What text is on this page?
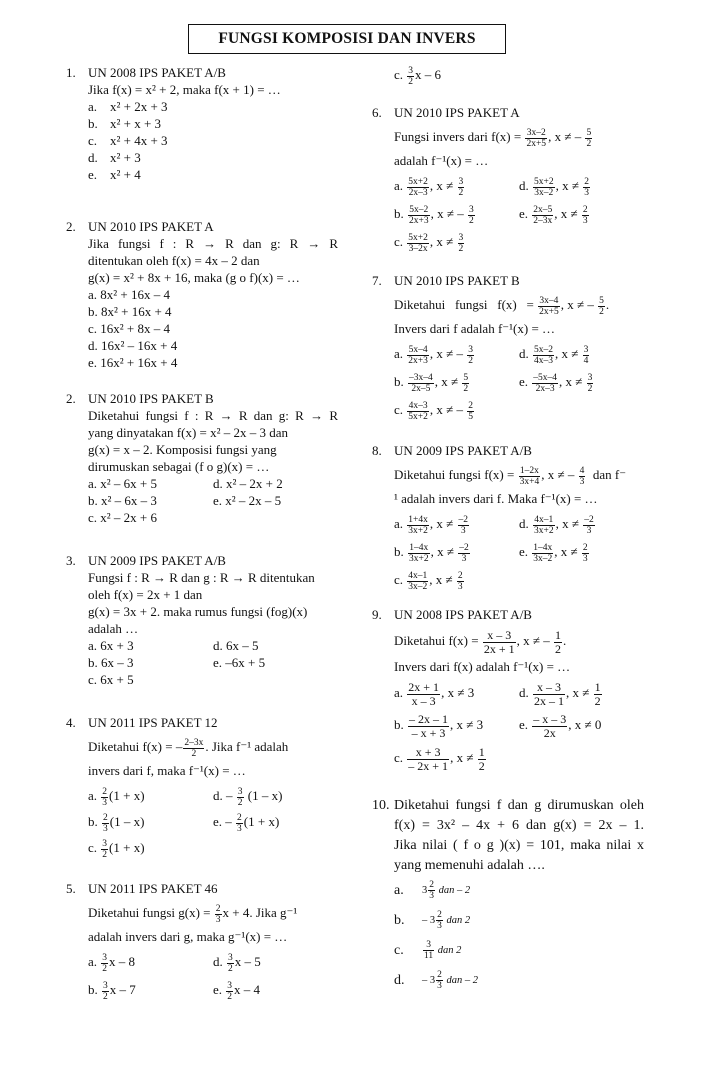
FUNGSI KOMPOSISI DAN INVERS
1. UN 2008 IPS PAKET A/B
Jika f(x) = x² + 2, maka f(x + 1) = …
a. x² + 2x + 3
b. x² + x + 3
c. x² + 4x + 3
d. x² + 3
e. x² + 4
2. UN 2010 IPS PAKET A
Jika fungsi f : R → R dan g: R → R
ditentukan oleh f(x) = 4x – 2 dan
g(x) = x² + 8x + 16, maka (g o f)(x) = …
a. 8x² + 16x – 4
b. 8x² + 16x + 4
c. 16x² + 8x – 4
d. 16x² – 16x + 4
e. 16x² + 16x + 4
2. UN 2010 IPS PAKET B
Diketahui fungsi f : R → R dan g: R → R
yang dinyatakan f(x) = x² – 2x – 3 dan
g(x) = x – 2. Komposisi fungsi yang
dirumuskan sebagai (f o g)(x) = …
a. x² – 6x + 5	d. x² – 2x + 2
b. x² – 6x – 3	e. x² – 2x – 5
c. x² – 2x + 6
3. UN 2009 IPS PAKET A/B
Fungsi f : R → R dan g : R → R ditentukan
oleh f(x) = 2x + 1 dan
g(x) = 3x + 2. maka rumus fungsi (fog)(x)
adalah …
a. 6x + 3	d. 6x – 5
b. 6x – 3	e. –6x + 5
c. 6x + 5
4. UN 2011 IPS PAKET 12
Diketahui f(x) = – $\frac{2-3x}{2}$ . Jika f⁻¹ adalah
invers dari f, maka f⁻¹(x) = …
a. $\frac{2}{3} (1 + x)$	d. – $\frac{3}{2} (1 - x)$
b. $\frac{2}{3} (1 - x)$	e. – $\frac{2}{3} (1 + x)$
c. $\frac{3}{2} (1 + x)$
5. UN 2011 IPS PAKET 46
Diketahui fungsi $g(x) = \frac{2}{3}$ x + 4. Jika g⁻¹
adalah invers dari g, maka g⁻¹(x) = …
a. $\frac{3}{2}$ x – 8	d. $\frac{3}{2}$ x – 5
b. $\frac{3}{2}$ x – 7	e. $\frac{3}{2}$ x – 4
c. $\frac{3}{2}$ x – 6
6. UN 2010 IPS PAKET A
Fungsi invers dari $f(x) = \frac{3x-2}{2x+5}$ , x ≠ – $\frac{5}{2}$
adalah f⁻¹(x) = …
a. $\frac{5x+2}{2x-3}$ , $x \ne \frac{3}{2}$	d. $\frac{5x+2}{3x-2}$ , $x \ne \frac{2}{3}$
b. $\frac{5x-2}{2x+3}$ , x ≠ – $\frac{3}{2}$	e. $\frac{2x-5}{2-3x}$ , $x \ne \frac{2}{3}$
c. $\frac{5x+2}{3-2x}$ , $x \ne \frac{3}{2}$
7. UN 2010 IPS PAKET B
Diketahui   fungsi   $f(x) = \frac{3x-4}{2x+5}$ , x ≠ – $\frac{5}{2}$ .
Invers dari f adalah f⁻¹(x) = …
a. $\frac{5x-4}{2x+3}$ , x ≠ – $\frac{3}{2}$	d. $\frac{5x-2}{4x-3}$ , $x \ne \frac{3}{4}$
b. $\frac{-3x-4}{2x-5}$ , $x \ne \frac{5}{2}$	e. $\frac{-5x-4}{2x-3}$ , $x \ne \frac{3}{2}$
c. $\frac{4x-3}{5x+2}$ , x ≠ – $\frac{2}{5}$
8. UN 2009 IPS PAKET A/B
Diketahui fungsi $f(x) = \frac{1-2x}{3x+4}$ , x ≠ – $\frac{4}{3}$ dan f⁻
¹ adalah invers dari f. Maka f⁻¹(x) = …
a. $\frac{1+4x}{3x+2}$ , $x \ne \frac{-2}{3}$	d. $\frac{4x-1}{3x+2}$ , $x \ne \frac{-2}{3}$
b. $\frac{1-4x}{3x+2}$ , $x \ne \frac{-2}{3}$	e. $\frac{1-4x}{3x-2}$ , $x \ne \frac{2}{3}$
c. $\frac{4x-1}{3x-2}$ , $x \ne \frac{2}{3}$
9. UN 2008 IPS PAKET A/B
Diketahui $f(x) = \frac{x - 3}{2x + 1}$ , x ≠ – $\frac{1}{2}$ .
Invers dari f(x) adalah f⁻¹(x) = …
a. $\frac{2x + 1}{x - 3}$ , x ≠ 3	d. $\frac{x - 3}{2x - 1}$ , $x \ne \frac{1}{2}$
b. $\frac{- 2x - 1}{- x + 3}$ , x ≠ 3	e. $\frac{- x - 3}{2x}$ , x ≠ 0
c. $\frac{x + 3}{- 2x + 1}$ , $x \ne \frac{1}{2}$
10. Diketahui fungsi f dan g dirumuskan oleh
f(x) = 3x² – 4x + 6 dan g(x) = 2x – 1.
Jika nilai ( f o g )(x) = 101, maka nilai x
yang memenuhi adalah ….
a.	$3 \frac{2}{3}$ dan – 2
b.	– $3 \frac{2}{3}$ dan 2
c.	$\frac{3}{11}$ dan 2
d.	– $3 \frac{2}{3}$ dan – 2
